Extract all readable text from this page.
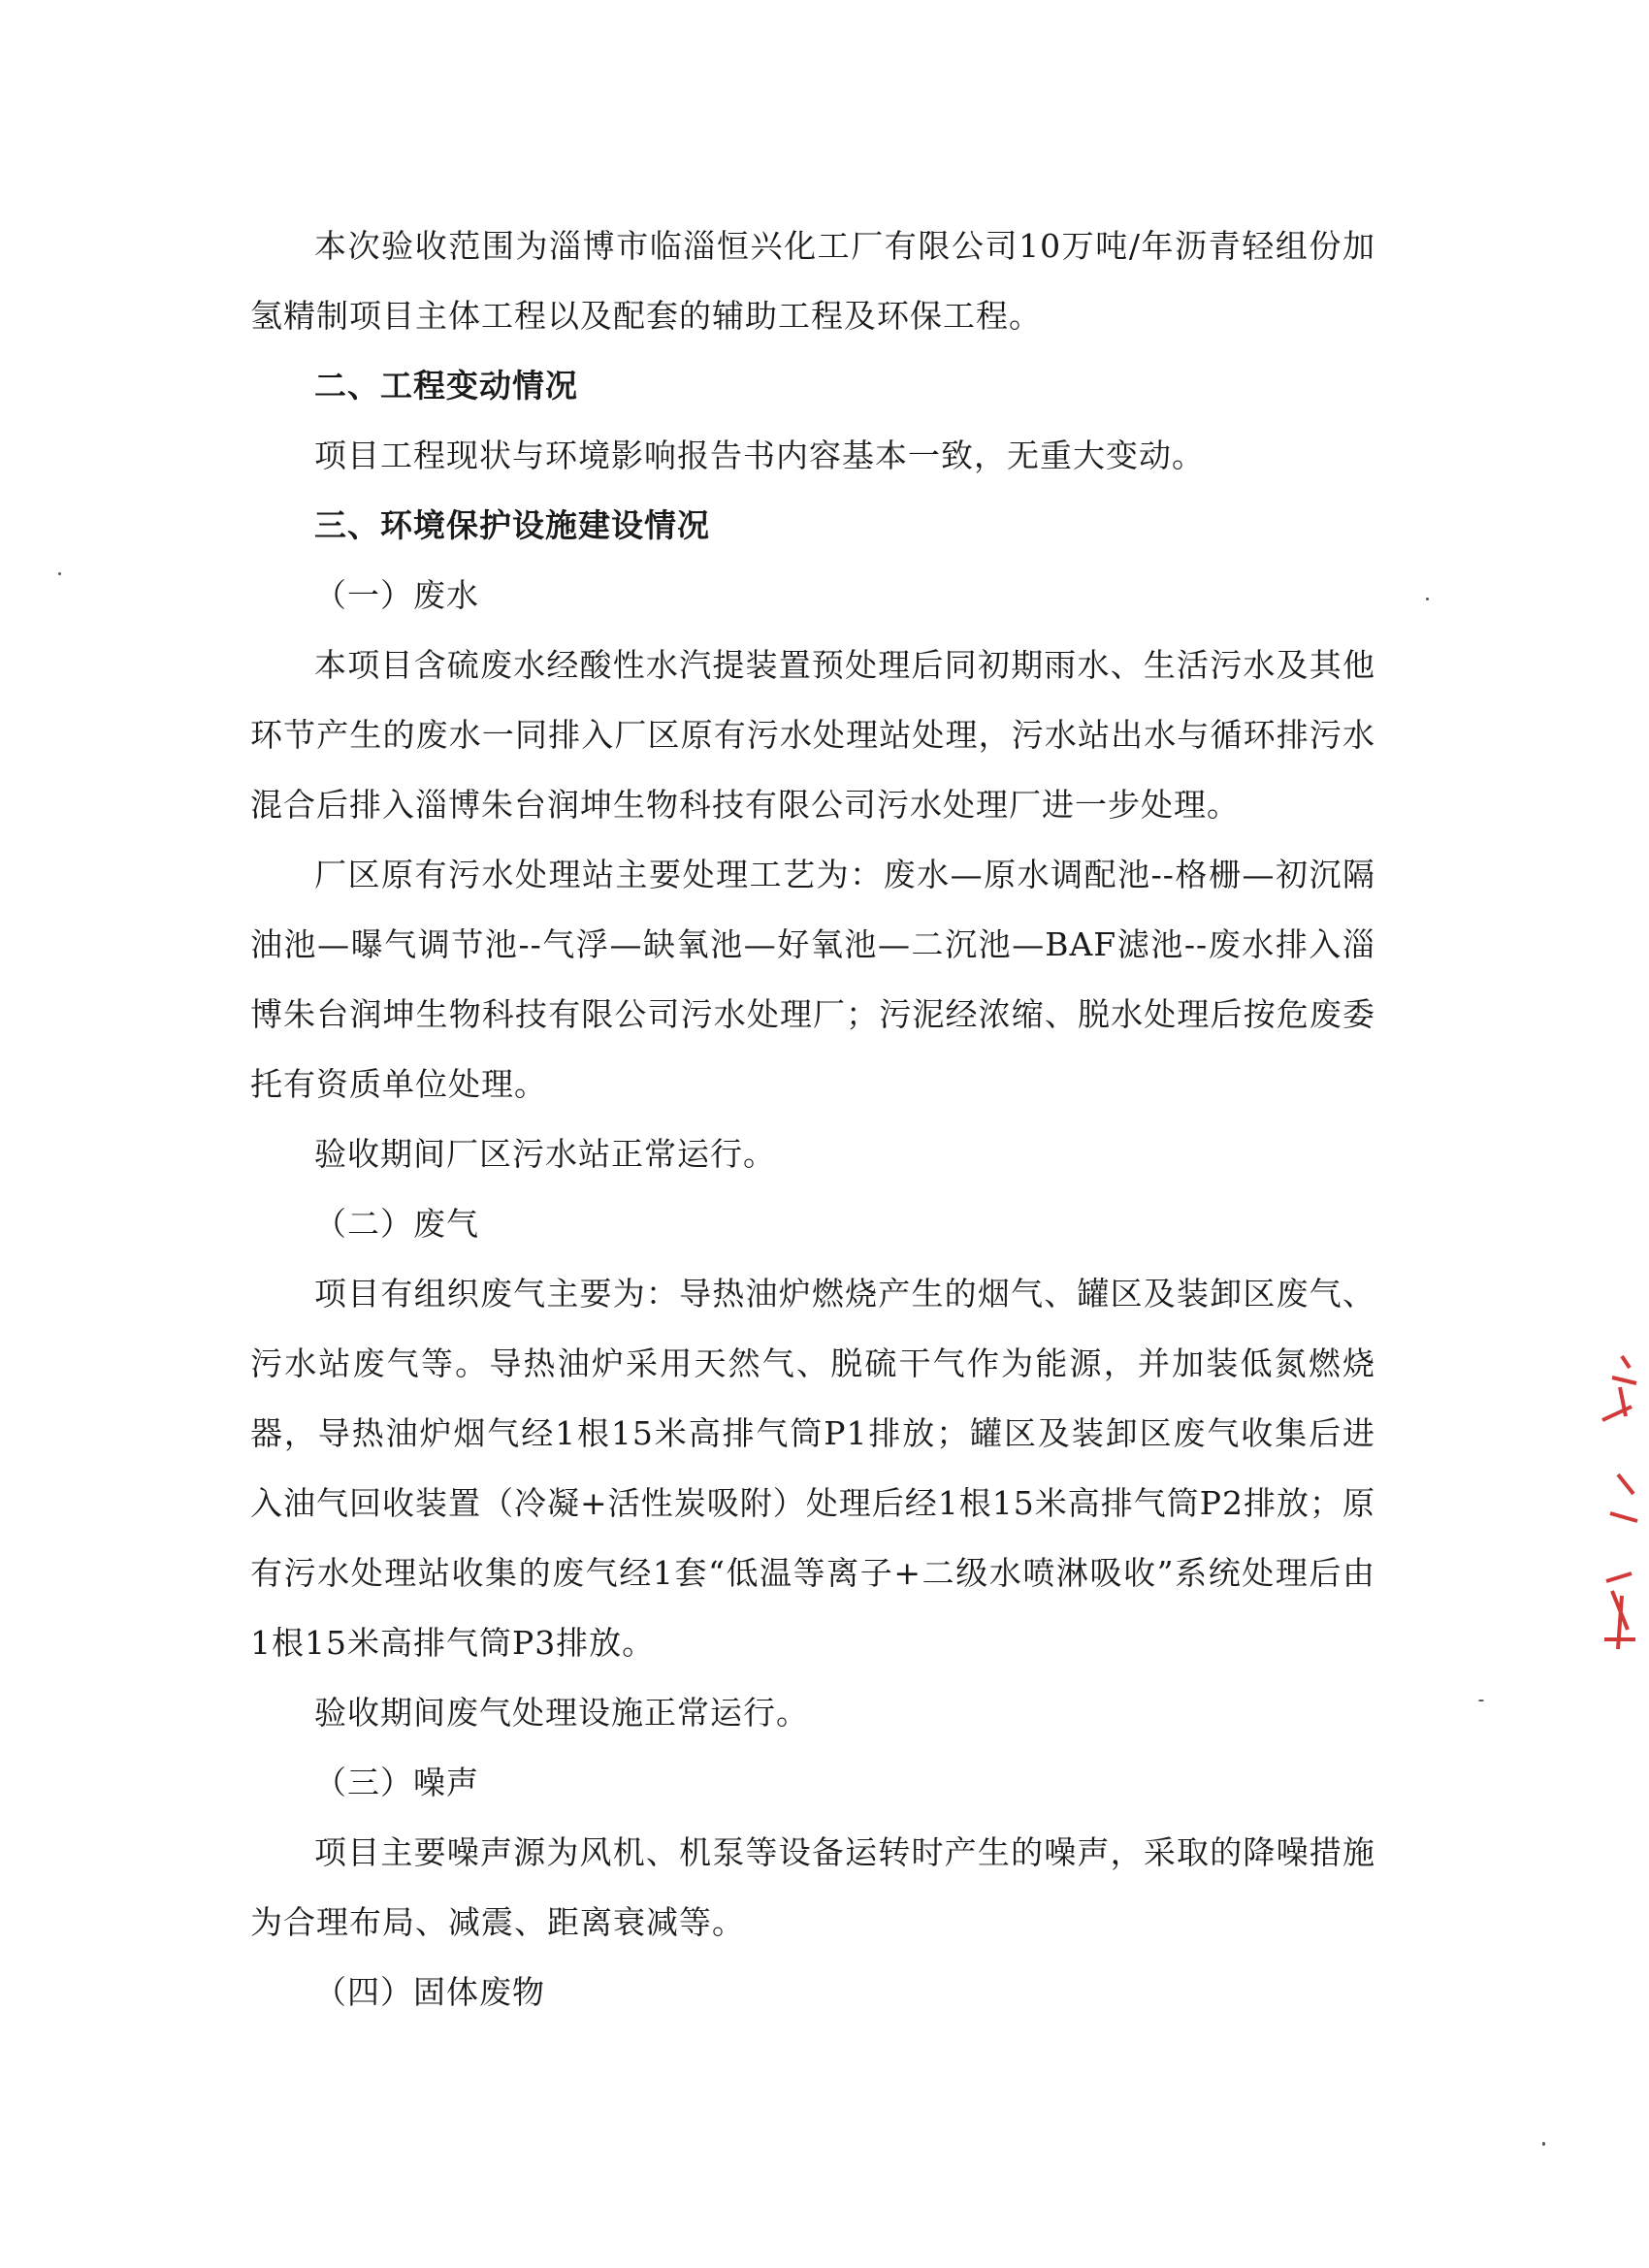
本次验收范围为淄博市临淄恒兴化工厂有限公司10万吨/年沥青轻组份加氢精制项目主体工程以及配套的辅助工程及环保工程。

二、工程变动情况

项目工程现状与环境影响报告书内容基本一致，无重大变动。

三、环境保护设施建设情况

（一）废水

本项目含硫废水经酸性水汽提装置预处理后同初期雨水、生活污水及其他环节产生的废水一同排入厂区原有污水处理站处理，污水站出水与循环排污水混合后排入淄博朱台润坤生物科技有限公司污水处理厂进一步处理。

厂区原有污水处理站主要处理工艺为：废水—原水调配池--格栅—初沉隔油池—曝气调节池--气浮—缺氧池—好氧池—二沉池—BAF滤池--废水排入淄博朱台润坤生物科技有限公司污水处理厂；污泥经浓缩、脱水处理后按危废委托有资质单位处理。

验收期间厂区污水站正常运行。

（二）废气

项目有组织废气主要为：导热油炉燃烧产生的烟气、罐区及装卸区废气、污水站废气等。导热油炉采用天然气、脱硫干气作为能源，并加装低氮燃烧器，导热油炉烟气经1根15米高排气筒P1排放；罐区及装卸区废气收集后进入油气回收装置（冷凝+活性炭吸附）处理后经1根15米高排气筒P2排放；原有污水处理站收集的废气经1套“低温等离子+二级水喷淋吸收”系统处理后由1根15米高排气筒P3排放。

验收期间废气处理设施正常运行。

（三）噪声

项目主要噪声源为风机、机泵等设备运转时产生的噪声，采取的降噪措施为合理布局、减震、距离衰减等。

（四）固体废物
